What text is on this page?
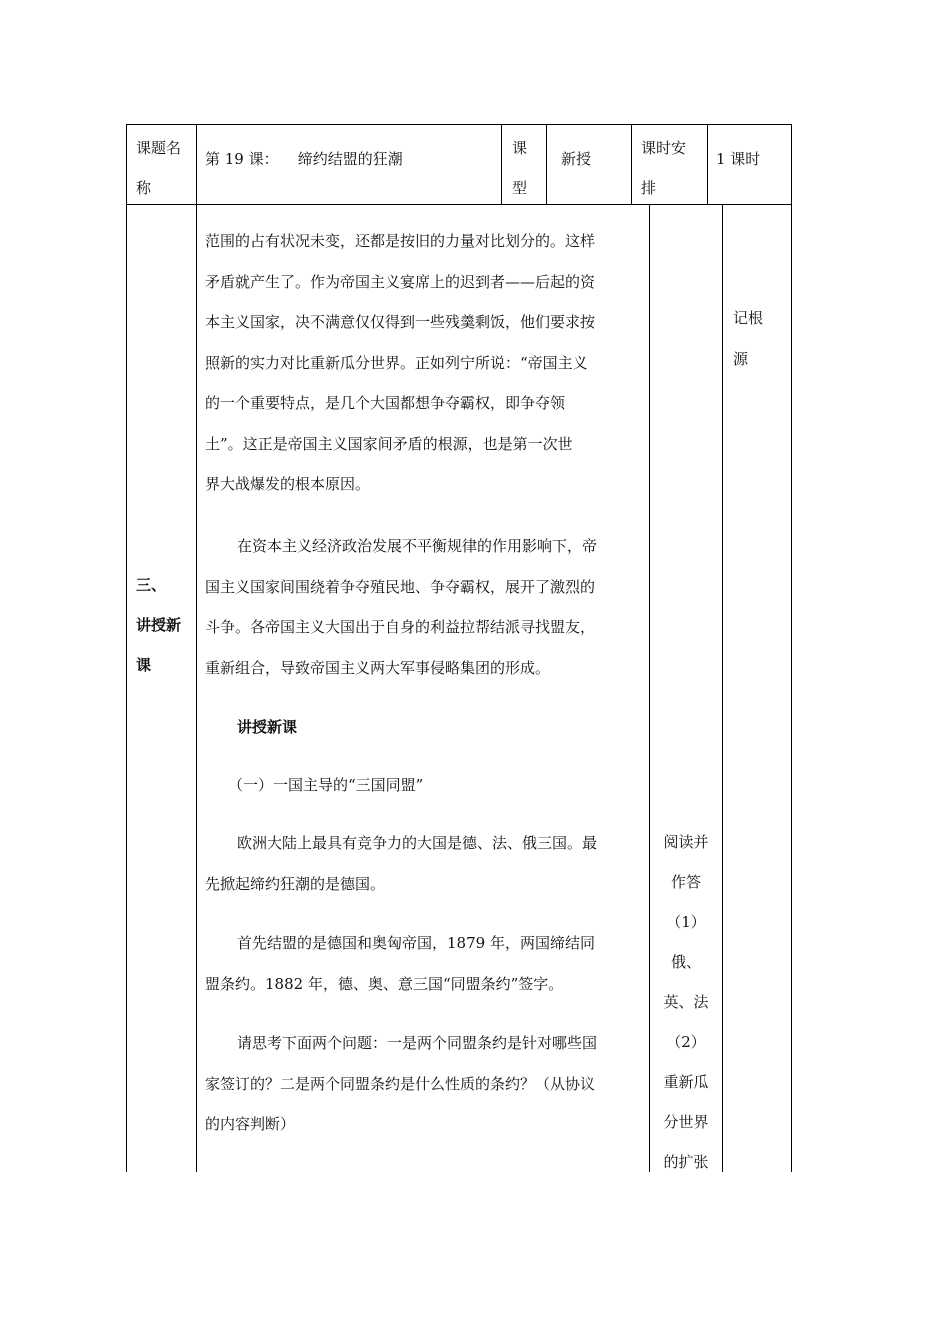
课题名
称
第 19 课：    缔约结盟的狂潮
课
型
新授
课时安
排
1 课时
三、
讲授新
课
范围的占有状况未变，还都是按旧的力量对比划分的。这样
矛盾就产生了。作为帝国主义宴席上的迟到者——后起的资
本主义国家，决不满意仅仅得到一些残羹剩饭，他们要求按
照新的实力对比重新瓜分世界。正如列宁所说：“帝国主义
的一个重要特点，是几个大国都想争夺霸权，即争夺领
土”。这正是帝国主义国家间矛盾的根源，也是第一次世
界大战爆发的根本原因。
在资本主义经济政治发展不平衡规律的作用影响下，帝
国主义国家间围绕着争夺殖民地、争夺霸权，展开了激烈的
斗争。各帝国主义大国出于自身的利益拉帮结派寻找盟友，
重新组合，导致帝国主义两大军事侵略集团的形成。
讲授新课
（一）一国主导的“三国同盟”
欧洲大陆上最具有竞争力的大国是德、法、俄三国。最
先掀起缔约狂潮的是德国。
首先结盟的是德国和奥匈帝国，1879 年，两国缔结同
盟条约。1882 年，德、奥、意三国“同盟条约”签字。
请思考下面两个问题：一是两个同盟条约是针对哪些国
家签订的？二是两个同盟条约是什么性质的条约？（从协议
的内容判断）
记根
源
阅读并
作答
（1）
俄、
英、法
（2）
重新瓜
分世界
的扩张
